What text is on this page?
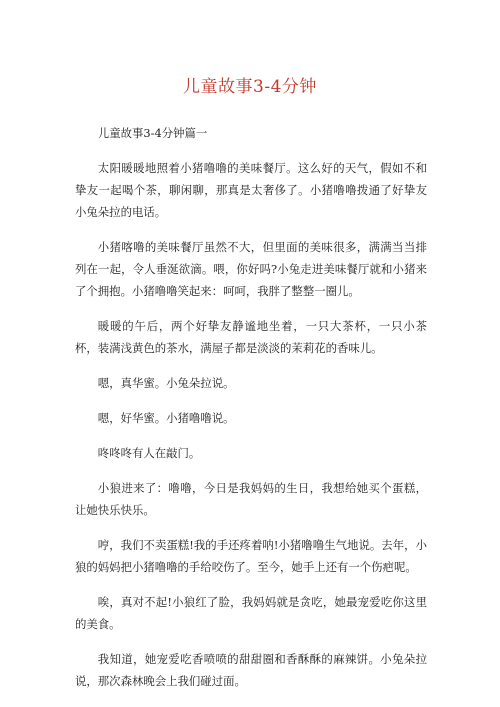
儿童故事3-4分钟

儿童故事3-4分钟篇一

太阳暖暖地照着小猪噜噜的美味餐厅。这么好的天气，假如不和挚友一起喝个茶，聊闲聊，那真是太奢侈了。小猪噜噜拨通了好挚友小兔朵拉的电话。

小猪喀噜的美味餐厅虽然不大，但里面的美味很多，满满当当排列在一起，令人垂涎欲滴。喂，你好吗?小兔走进美味餐厅就和小猪来了个拥抱。小猪噜噜笑起来：呵呵，我胖了整整一圈儿。

暖暖的午后，两个好挚友静谧地坐着，一只大茶杯，一只小茶杯，装满浅黄色的茶水，满屋子都是淡淡的茉莉花的香味儿。

嗯，真华蜜。小兔朵拉说。

嗯，好华蜜。小猪噜噜说。

咚咚咚有人在敲门。

小狼进来了：噜噜，今日是我妈妈的生日，我想给她买个蛋糕，让她快乐快乐。

哼，我们不卖蛋糕!我的手还疼着呐!小猪噜噜生气地说。去年，小狼的妈妈把小猪噜噜的手给咬伤了。至今，她手上还有一个伤疤呢。

唉，真对不起!小狼红了脸，我妈妈就是贪吃，她最宠爱吃你这里的美食。

我知道，她宠爱吃香喷喷的甜甜圈和香酥酥的麻辣饼。小兔朵拉说，那次森林晚会上我们碰过面。
